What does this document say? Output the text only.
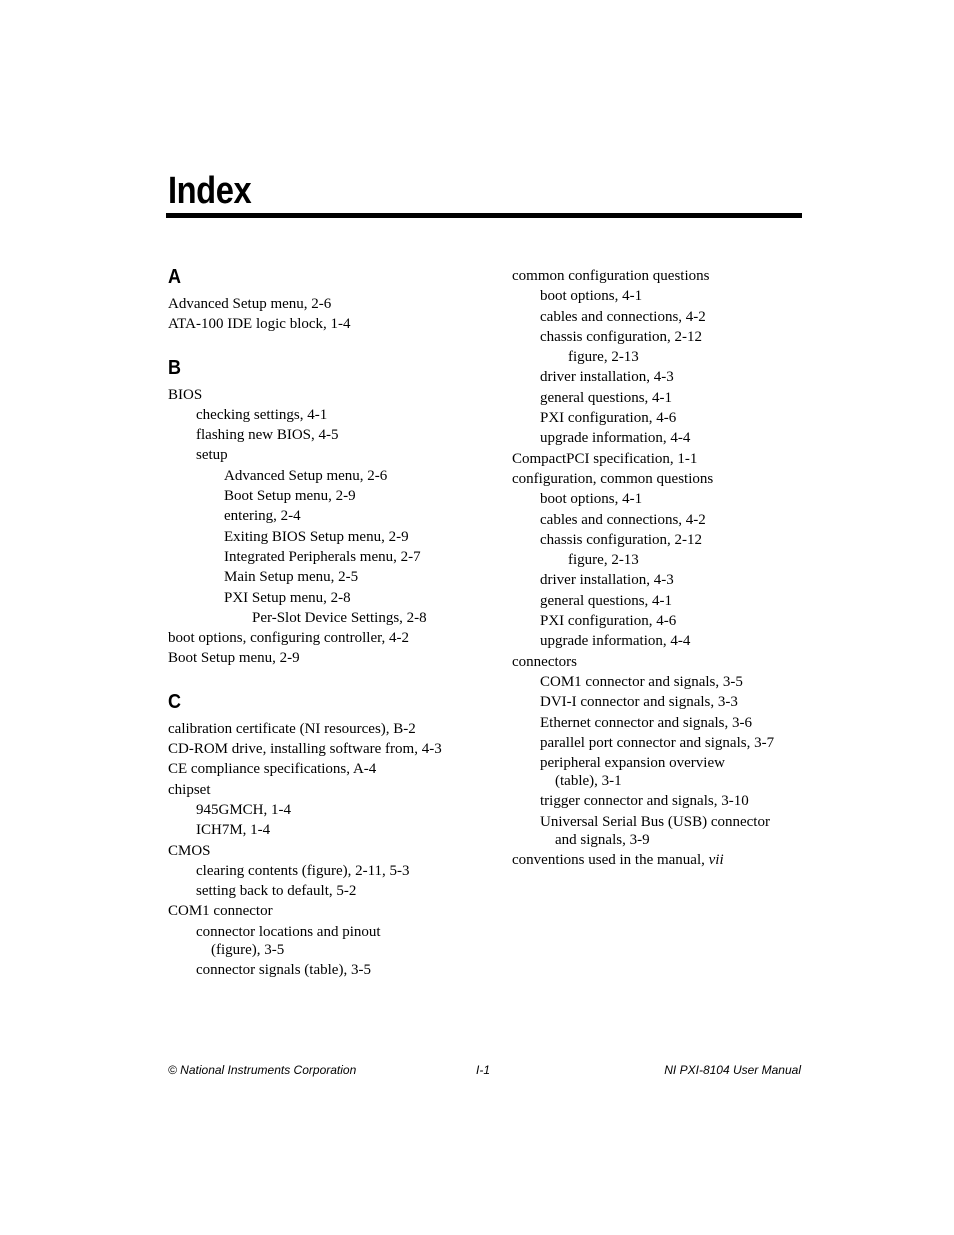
Index
A

Advanced Setup menu, 2-6

ATA-100 IDE logic block, 1-4

B

BIOS

checking settings, 4-1

flashing new BIOS, 4-5

setup

Advanced Setup menu, 2-6

Boot Setup menu, 2-9

entering, 2-4

Exiting BIOS Setup menu, 2-9

Integrated Peripherals menu, 2-7

Main Setup menu, 2-5

PXI Setup menu, 2-8

Per-Slot Device Settings, 2-8

boot options, configuring controller, 4-2

Boot Setup menu, 2-9

C

calibration certificate (NI resources), B-2

CD-ROM drive, installing software from, 4-3

CE compliance specifications, A-4

chipset

945GMCH, 1-4

ICH7M, 1-4

CMOS

clearing contents (figure), 2-11, 5-3

setting back to default, 5-2

COM1 connector

connector locations and pinout

(figure), 3-5

connector signals (table), 3-5

common configuration questions

boot options, 4-1

cables and connections, 4-2

chassis configuration, 2-12

figure, 2-13

driver installation, 4-3

general questions, 4-1

PXI configuration, 4-6

upgrade information, 4-4

CompactPCI specification, 1-1

configuration, common questions

boot options, 4-1

cables and connections, 4-2

chassis configuration, 2-12

figure, 2-13

driver installation, 4-3

general questions, 4-1

PXI configuration, 4-6

upgrade information, 4-4

connectors

COM1 connector and signals, 3-5

DVI-I connector and signals, 3-3

Ethernet connector and signals, 3-6

parallel port connector and signals, 3-7

peripheral expansion overview

(table), 3-1

trigger connector and signals, 3-10

Universal Serial Bus (USB) connector

and signals, 3-9

conventions used in the manual, vii

© National Instruments Corporation	I-1	NI PXI-8104 User Manual
